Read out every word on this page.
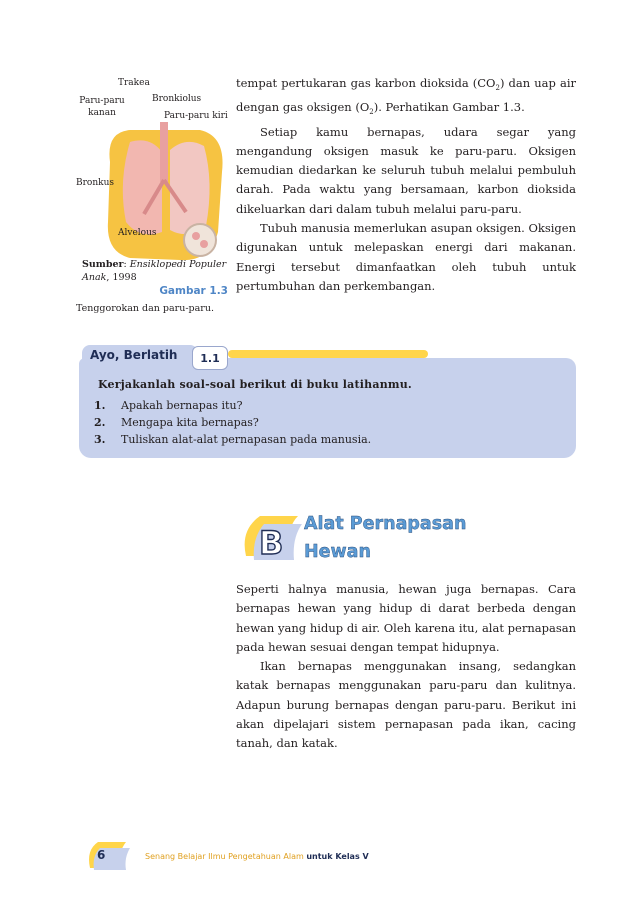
Trakea
Paru-paru kanan
Bronkiolus
Paru-paru kiri
Bronkus
Alvelous
Sumber: Ensiklopedi Populer Anak, 1998
Gambar 1.3
Tenggorokan dan paru-paru.

tempat pertukaran gas karbon dioksida $(CO_2)$ dan uap air dengan gas oksigen $(O_2)$. Perhatikan Gambar 1.3.

Setiap kamu bernapas, udara segar yang mengandung oksigen masuk ke paru-paru. Oksigen kemudian diedarkan ke seluruh tubuh melalui pembuluh darah. Pada waktu yang bersamaan, karbon dioksida dikeluarkan dari dalam tubuh melalui paru-paru.

Tubuh manusia memerlukan asupan oksigen. Oksigen digunakan untuk melepaskan energi dari makanan. Energi tersebut dimanfaatkan oleh tubuh untuk pertumbuhan dan perkembangan.

Ayo, Berlatih	1.1
Kerjakanlah soal-soal berikut di buku latihanmu.
1.	Apakah bernapas itu?
2.	Mengapa kita bernapas?
3.	Tuliskan alat-alat pernapasan pada manusia.
B Alat Pernapasan
Hewan

Seperti halnya manusia, hewan juga bernapas. Cara bernapas hewan yang hidup di darat berbeda dengan hewan yang hidup di air. Oleh karena itu, alat pernapasan pada hewan sesuai dengan tempat hidupnya.

Ikan bernapas menggunakan insang, sedangkan katak bernapas menggunakan paru-paru dan kulitnya. Adapun burung bernapas dengan paru-paru. Berikut ini akan dipelajari sistem pernapasan pada ikan, cacing tanah, dan katak.

6	Senang Belajar Ilmu Pengetahuan Alam untuk Kelas V
